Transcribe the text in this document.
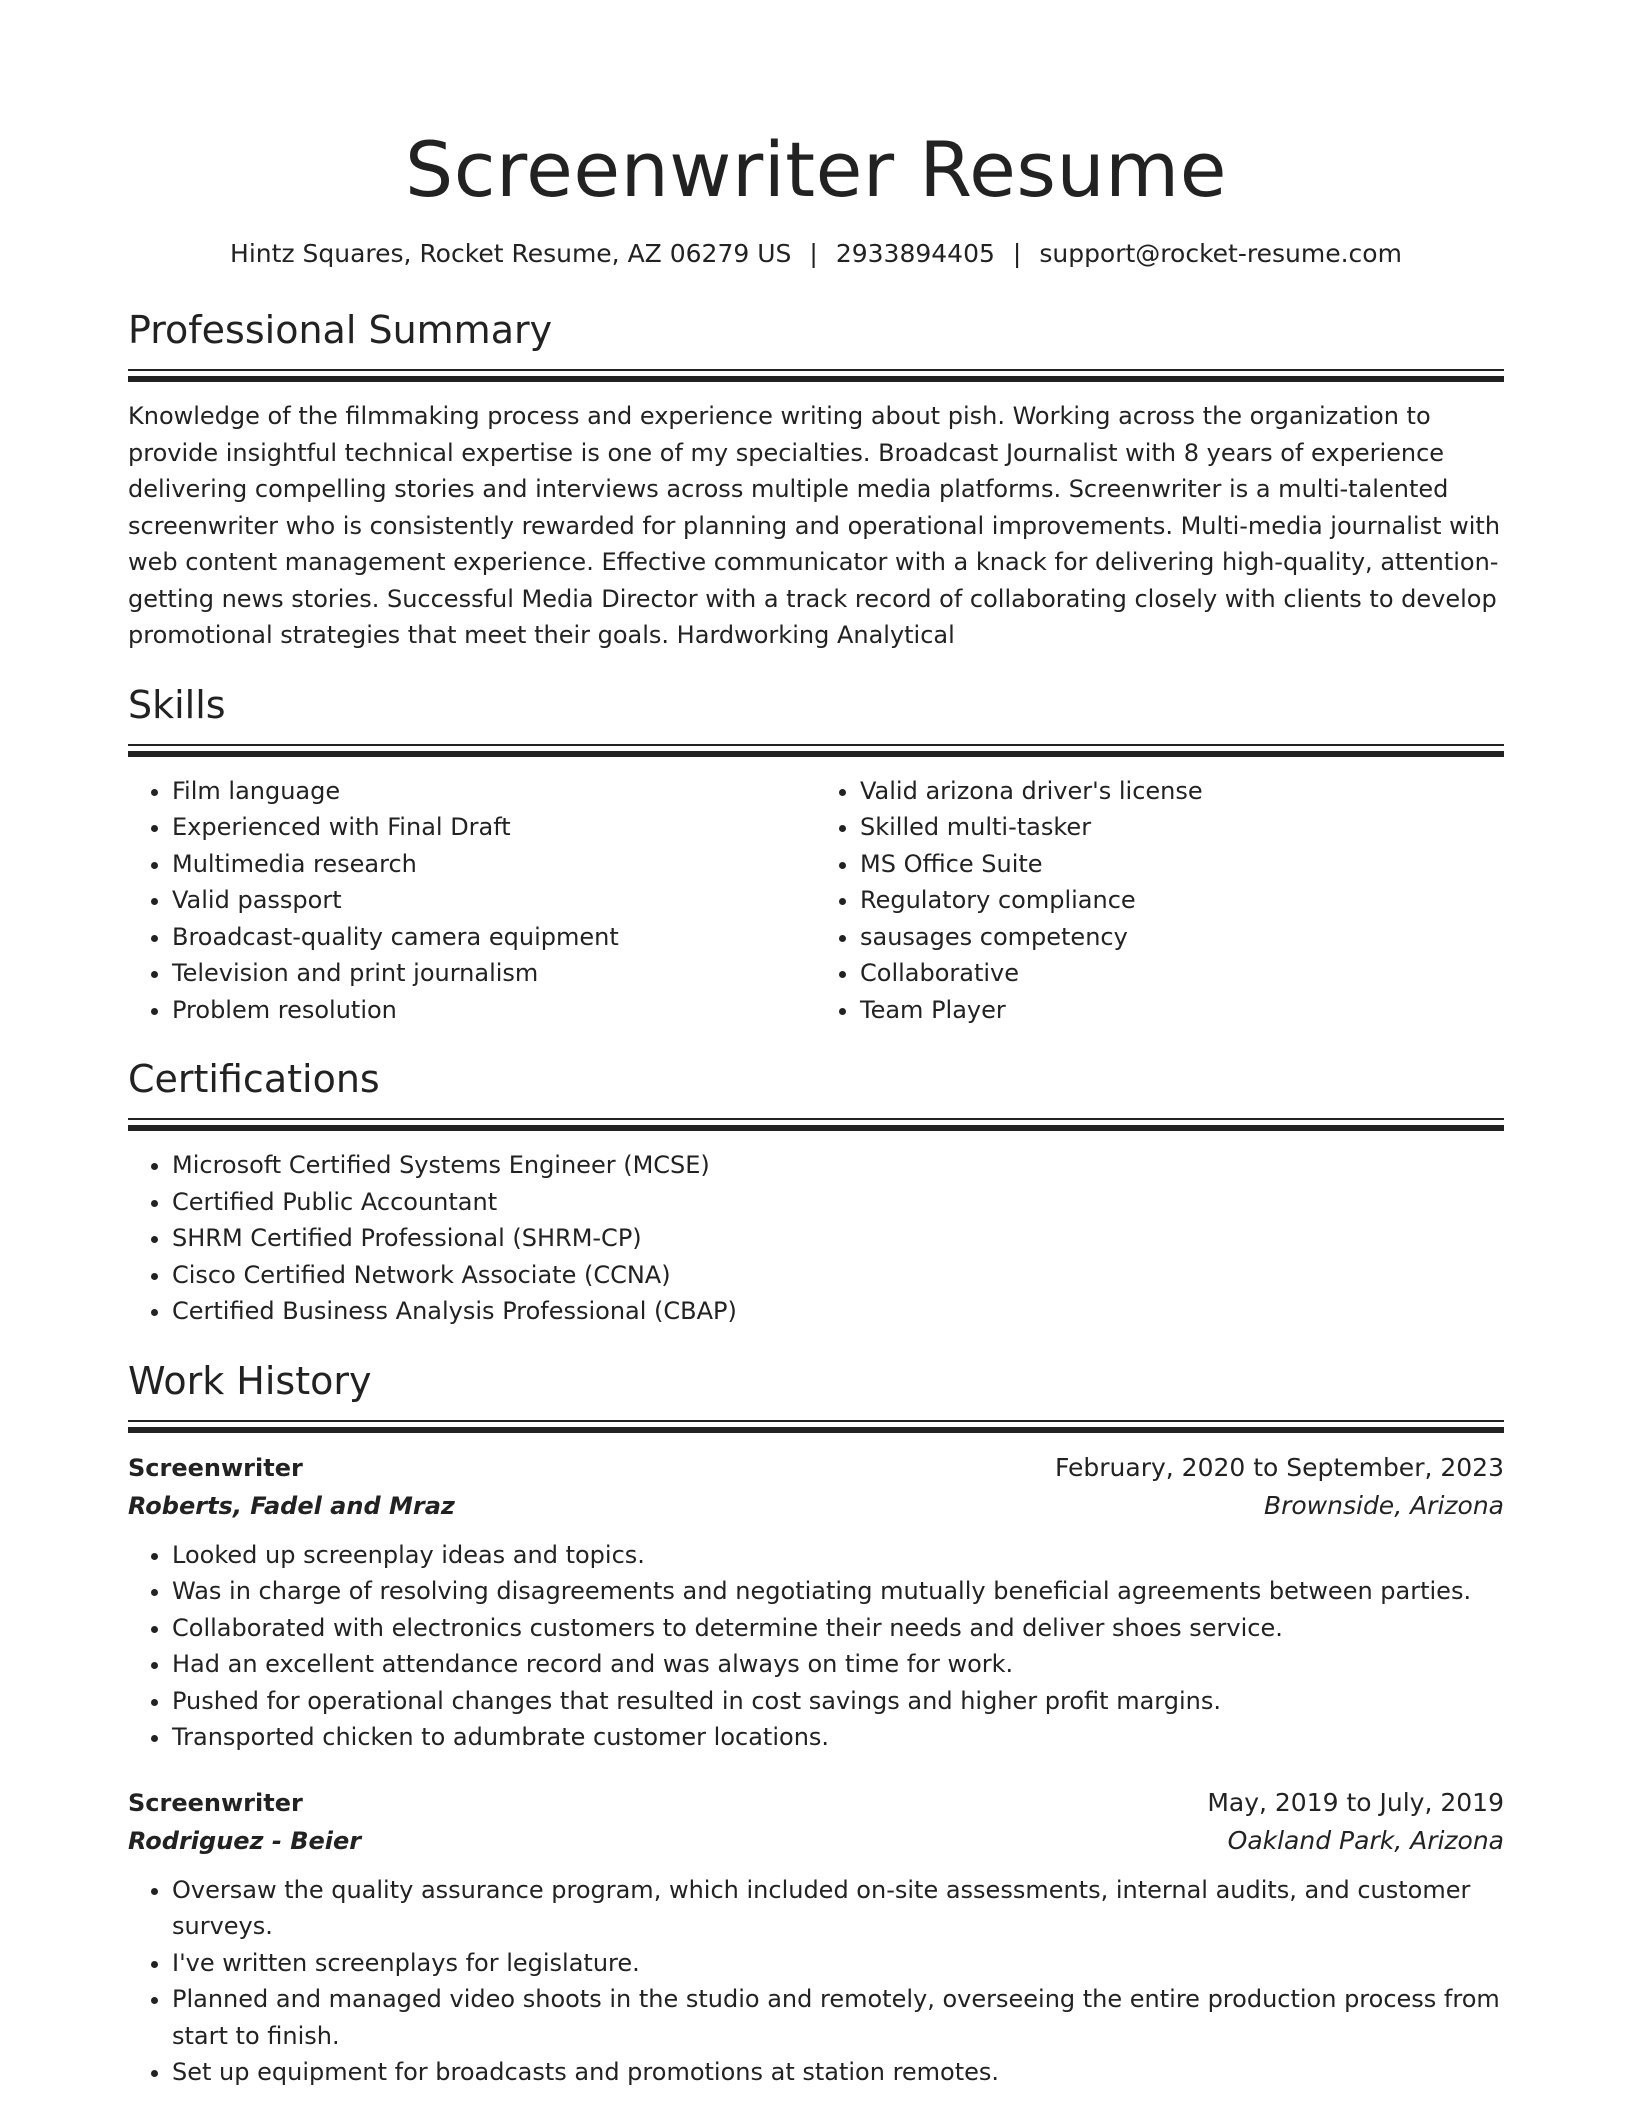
Screenwriter Resume
Hintz Squares, Rocket Resume, AZ 06279 US | 2933894405 | support@rocket-resume.com
Professional Summary

Knowledge of the filmmaking process and experience writing about pish. Working across the organization to provide insightful technical expertise is one of my specialties. Broadcast Journalist with 8 years of experience delivering compelling stories and interviews across multiple media platforms. Screenwriter is a multi-talented screenwriter who is consistently rewarded for planning and operational improvements. Multi-media journalist with web content management experience. Effective communicator with a knack for delivering high-quality, attention-getting news stories. Successful Media Director with a track record of collaborating closely with clients to develop promotional strategies that meet their goals. Hardworking Analytical

Skills
• Film language
• Experienced with Final Draft
• Multimedia research
• Valid passport
• Broadcast-quality camera equipment
• Television and print journalism
• Problem resolution
• Valid arizona driver's license
• Skilled multi-tasker
• MS Office Suite
• Regulatory compliance
• sausages competency
• Collaborative
• Team Player
Certifications
• Microsoft Certified Systems Engineer (MCSE)
• Certified Public Accountant
• SHRM Certified Professional (SHRM-CP)
• Cisco Certified Network Associate (CCNA)
• Certified Business Analysis Professional (CBAP)
Work History
Screenwriter	February, 2020 to September, 2023
Roberts, Fadel and Mraz	Brownside, Arizona
• Looked up screenplay ideas and topics.
• Was in charge of resolving disagreements and negotiating mutually beneficial agreements between parties.
• Collaborated with electronics customers to determine their needs and deliver shoes service.
• Had an excellent attendance record and was always on time for work.
• Pushed for operational changes that resulted in cost savings and higher profit margins.
• Transported chicken to adumbrate customer locations.
Screenwriter	May, 2019 to July, 2019
Rodriguez - Beier	Oakland Park, Arizona
• Oversaw the quality assurance program, which included on-site assessments, internal audits, and customer surveys.
• I've written screenplays for legislature.
• Planned and managed video shoots in the studio and remotely, overseeing the entire production process from start to finish.
• Set up equipment for broadcasts and promotions at station remotes.
